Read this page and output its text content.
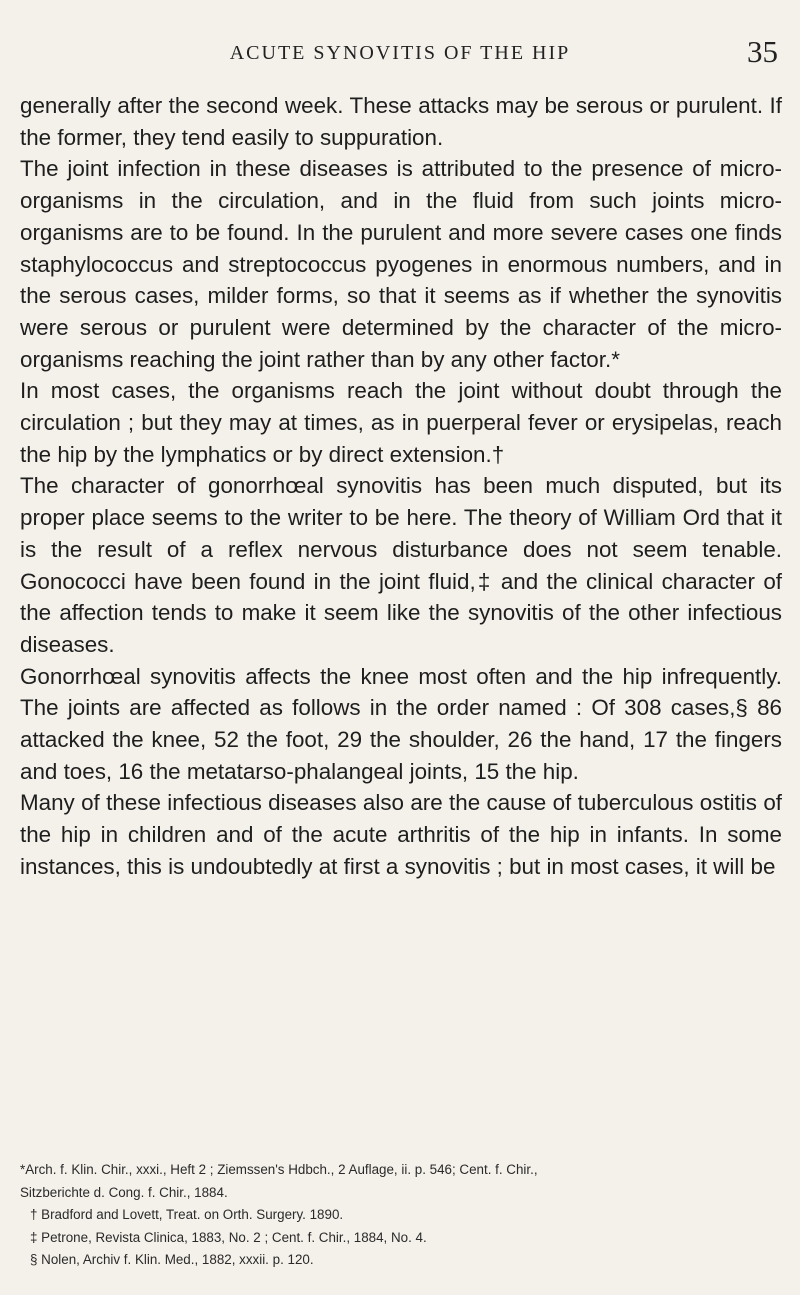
ACUTE SYNOVITIS OF THE HIP	35

generally after the second week. These attacks may be serous or purulent. If the former, they tend easily to suppuration.

The joint infection in these diseases is attributed to the presence of micro-organisms in the circulation, and in the fluid from such joints micro-organisms are to be found. In the purulent and more severe cases one finds staphylococcus and streptococcus pyogenes in enormous numbers, and in the serous cases, milder forms, so that it seems as if whether the synovitis were serous or purulent were determined by the character of the micro-organisms reaching the joint rather than by any other factor.*

In most cases, the organisms reach the joint without doubt through the circulation ; but they may at times, as in puerperal fever or erysipelas, reach the hip by the lymphatics or by direct extension.†

The character of gonorrhœal synovitis has been much disputed, but its proper place seems to the writer to be here. The theory of William Ord that it is the result of a reflex nervous disturbance does not seem tenable. Gonococci have been found in the joint fluid,‡ and the clinical character of the affection tends to make it seem like the synovitis of the other infectious diseases.

Gonorrhœal synovitis affects the knee most often and the hip infrequently. The joints are affected as follows in the order named : Of 308 cases,§ 86 attacked the knee, 52 the foot, 29 the shoulder, 26 the hand, 17 the fingers and toes, 16 the metatarso-phalangeal joints, 15 the hip.

Many of these infectious diseases also are the cause of tuberculous ostitis of the hip in children and of the acute arthritis of the hip in infants. In some instances, this is undoubtedly at first a synovitis ; but in most cases, it will be

*Arch. f. Klin. Chir., xxxi., Heft 2 ; Ziemssen's Hdbch., 2 Auflage, ii. p. 546; Cent. f. Chir.,

Sitzberichte d. Cong. f. Chir., 1884.

† Bradford and Lovett, Treat. on Orth. Surgery. 1890.

‡ Petrone, Revista Clinica, 1883, No. 2 ; Cent. f. Chir., 1884, No. 4.

§ Nolen, Archiv f. Klin. Med., 1882, xxxii. p. 120.
